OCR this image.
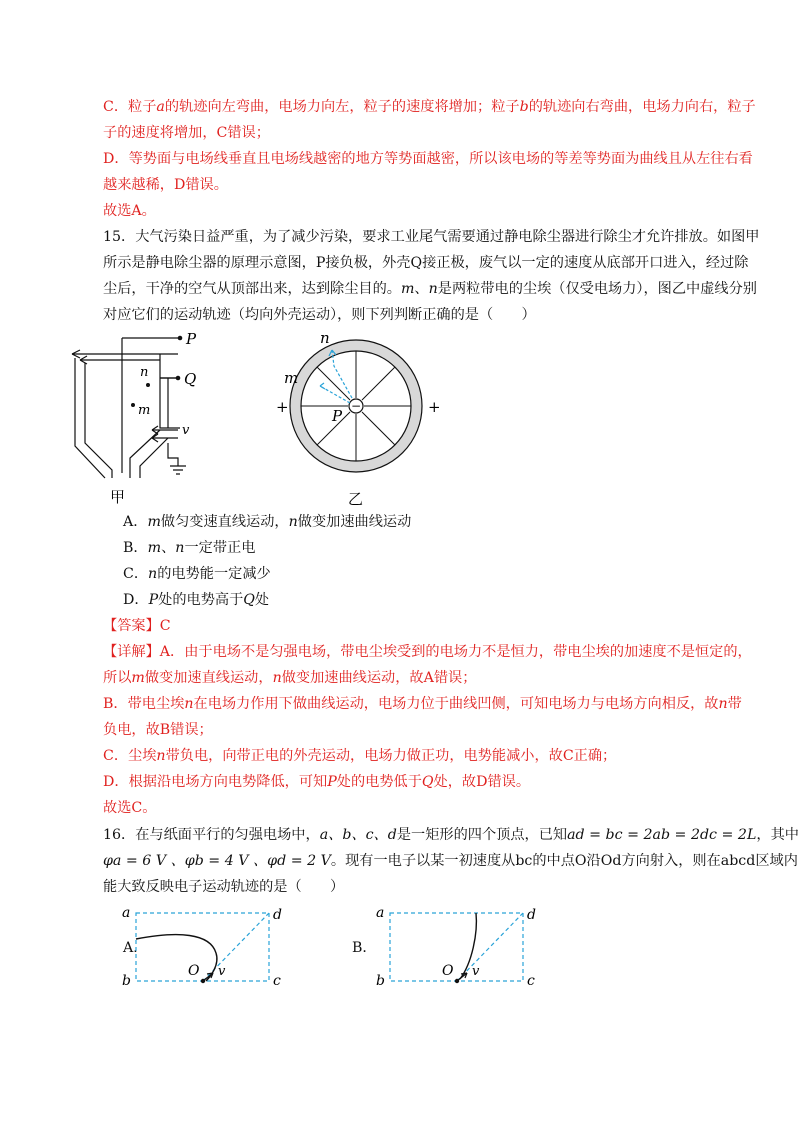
C．粒子a的轨迹向左弯曲，电场力向左，粒子的速度将增加；粒子b的轨迹向右弯曲，电场力向右，粒子
子的速度将增加，C错误；
D．等势面与电场线垂直且电场线越密的地方等势面越密，所以该电场的等差等势面为曲线且从左往右看
越来越稀，D错误。
故选A。
15．大气污染日益严重，为了减少污染，要求工业尾气需要通过静电除尘器进行除尘才允许排放。如图甲
所示是静电除尘器的原理示意图，P接负极，外壳Q接正极，废气以一定的速度从底部开口进入，经过除
尘后，干净的空气从顶部出来，达到除尘目的。m、n是两粒带电的尘埃（仅受电场力），图乙中虚线分别
对应它们的运动轨迹（均向外壳运动），则下列判断正确的是（　　）
P
Q
n
m
v
甲
−
n
m
P
+	+
乙
A．m做匀变速直线运动，n做变加速曲线运动
B．m、n一定带正电
C．n的电势能一定减少
D．P处的电势高于Q处
【答案】C
【详解】A．由于电场不是匀强电场，带电尘埃受到的电场力不是恒力，带电尘埃的加速度不是恒定的，
所以m做变加速直线运动，n做变加速曲线运动，故A错误；
B．带电尘埃n在电场力作用下做曲线运动，电场力位于曲线凹侧，可知电场力与电场方向相反，故n带
负电，故B错误；
C．尘埃n带负电，向带正电的外壳运动，电场力做正功，电势能减小，故C正确；
D．根据沿电场方向电势降低，可知P处的电势低于Q处，故D错误。
故选C。
16．在与纸面平行的匀强电场中，a、b、c、d是一矩形的四个顶点，已知ad = bc = 2ab = 2dc = 2L，其中
φa = 6 V 、φb = 4 V 、φd = 2 V。现有一电子以某一初速度从bc的中点O沿Od方向射入，则在abcd区域内
能大致反映电子运动轨迹的是（　　）
A．
a
b	c
d
O v
B．
a
b	c
d
O v
